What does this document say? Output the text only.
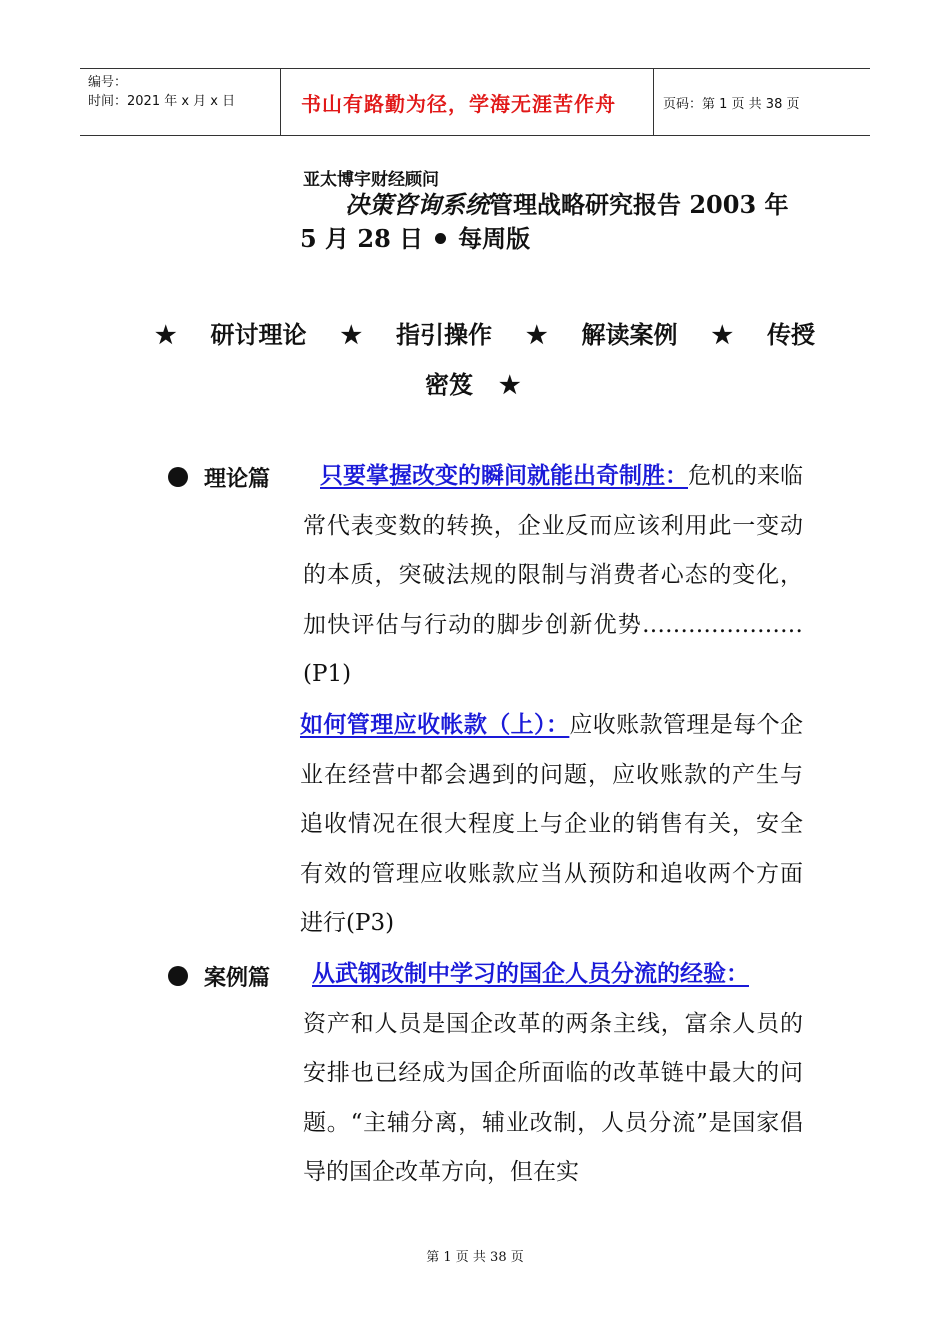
编号：
时间：2021 年 x 月 x 日	书山有路勤为径，学海无涯苦作舟	页码：第 1 页 共 38 页
亚太博宇财经顾问
决策咨询系统管理战略研究报告 2003 年
5 月 28 日 每周版
★ 研讨理论 ★ 指引操作 ★ 解读案例 ★ 传授
密笈 ★
理论篇	只要掌握改变的瞬间就能出奇制胜：危机的来临常代表变数的转换，企业反而应该利用此一变动的本质，突破法规的限制与消费者心态的变化，加快评估与行动的脚步创新优势………………… (P1)
如何管理应收帐款（上）：应收账款管理是每个企业在经营中都会遇到的问题，应收账款的产生与追收情况在很大程度上与企业的销售有关，安全有效的管理应收账款应当从预防和追收两个方面进行(P3)
案例篇	从武钢改制中学习的国企人员分流的经验：
资产和人员是国企改革的两条主线，富余人员的安排也已经成为国企所面临的改革链中最大的问题。“主辅分离，辅业改制，人员分流”是国家倡导的国企改革方向，但在实
第 1 页 共 38 页
